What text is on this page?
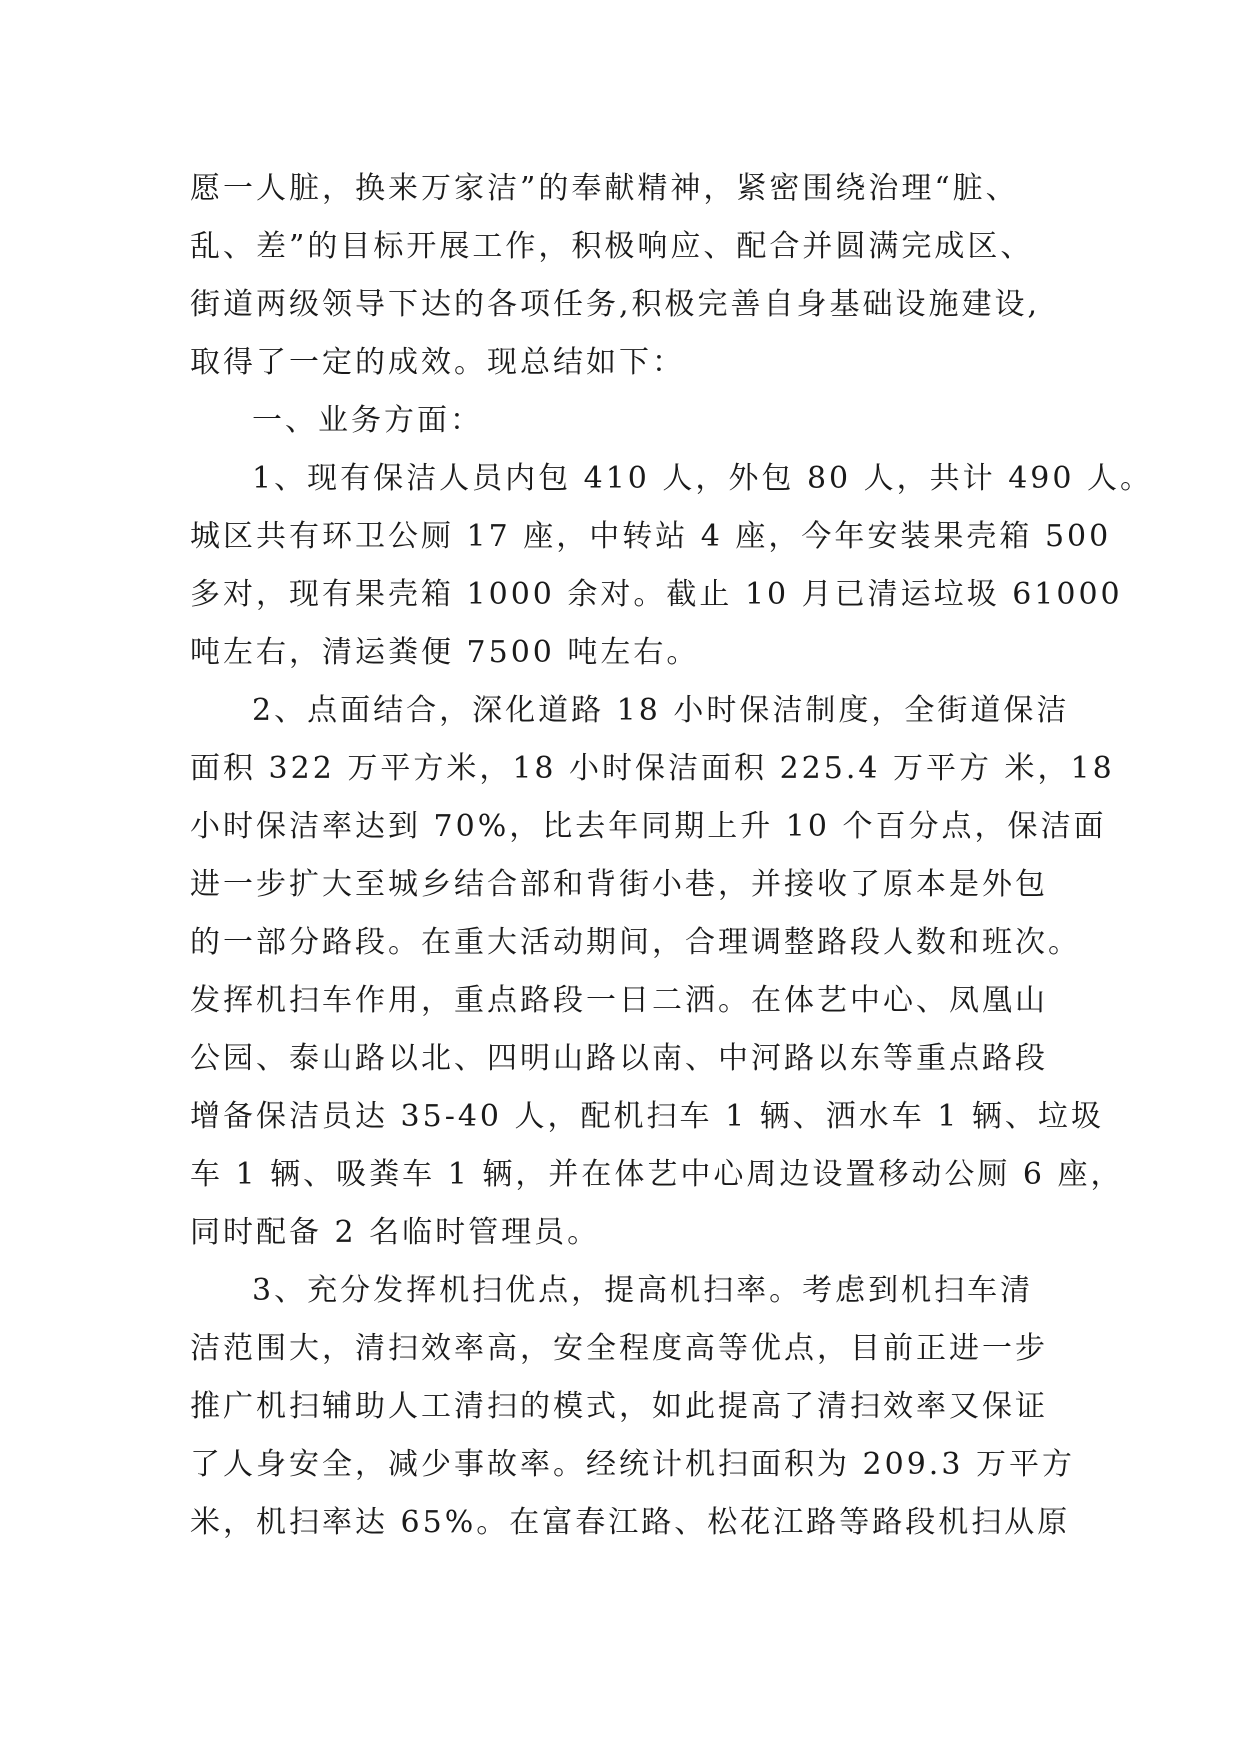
愿一人脏，换来万家洁”的奉献精神，紧密围绕治理“脏、
乱、差”的目标开展工作，积极响应、配合并圆满完成区、
街道两级领导下达的各项任务,积极完善自身基础设施建设,
取得了一定的成效。现总结如下：
一、业务方面：
1、现有保洁人员内包 410 人，外包 80 人，共计 490 人。
城区共有环卫公厕 17 座，中转站 4 座，今年安装果壳箱 500
多对，现有果壳箱 1000 余对。截止 10 月已清运垃圾 61000
吨左右，清运粪便 7500 吨左右。
2、点面结合，深化道路 18 小时保洁制度，全街道保洁
面积 322 万平方米，18 小时保洁面积 225.4 万平方 米，18
小时保洁率达到 70%，比去年同期上升 10 个百分点，保洁面
进一步扩大至城乡结合部和背街小巷，并接收了原本是外包
的一部分路段。在重大活动期间，合理调整路段人数和班次。
发挥机扫车作用，重点路段一日二洒。在体艺中心、凤凰山
公园、泰山路以北、四明山路以南、中河路以东等重点路段
增备保洁员达 35-40 人，配机扫车 1 辆、洒水车 1 辆、垃圾
车 1 辆、吸粪车 1 辆，并在体艺中心周边设置移动公厕 6 座，
同时配备 2 名临时管理员。
3、充分发挥机扫优点，提高机扫率。考虑到机扫车清
洁范围大，清扫效率高，安全程度高等优点，目前正进一步
推广机扫辅助人工清扫的模式，如此提高了清扫效率又保证
了人身安全，减少事故率。经统计机扫面积为 209.3 万平方
米，机扫率达 65%。在富春江路、松花江路等路段机扫从原
